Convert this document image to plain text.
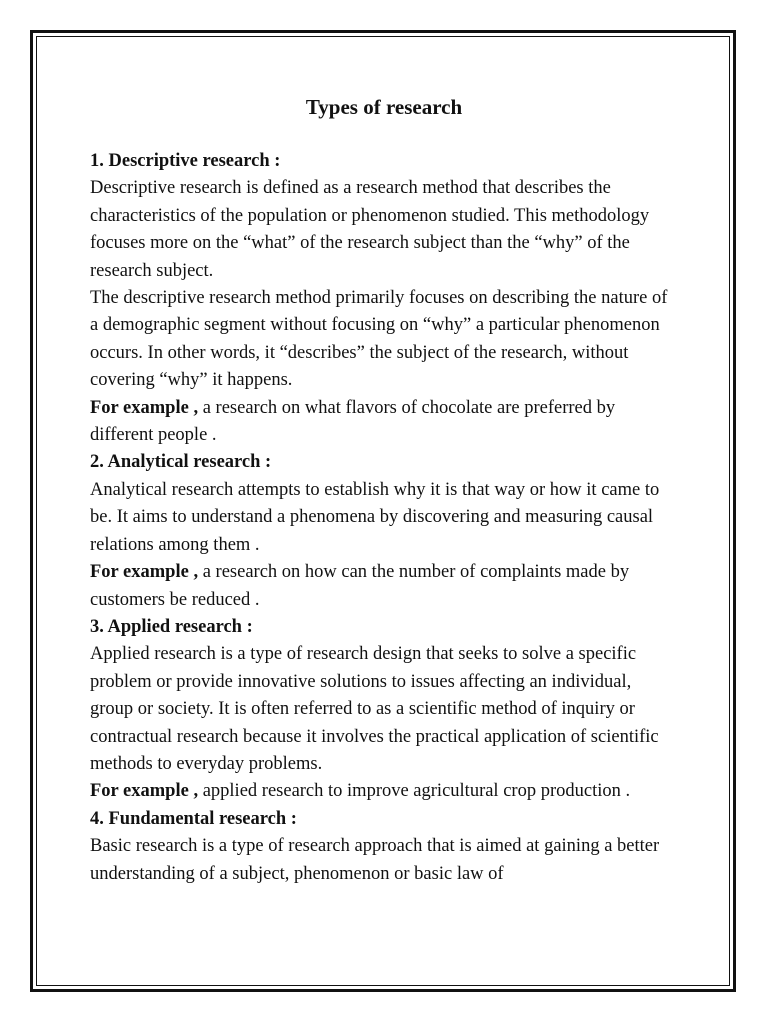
Types of research

1. Descriptive research :

Descriptive research is defined as a research method that describes the characteristics of the population or phenomenon studied. This methodology focuses more on the “what” of the research subject than the “why” of the research subject.

The descriptive research method primarily focuses on describing the nature of a demographic segment without focusing on “why” a particular phenomenon occurs. In other words, it “describes” the subject of the research, without covering “why” it happens.

For example , a research on what flavors of chocolate are preferred by different people .

2. Analytical research :

Analytical research attempts to establish why it is that way or how it came to be. It aims to understand a phenomena by discovering and measuring causal relations among them .

For example , a research on how can the number of complaints made by customers be reduced .

3. Applied research :

Applied research is a type of research design that seeks to solve a specific problem or provide innovative solutions to issues affecting an individual, group or society. It is often referred to as a scientific method of inquiry or contractual research because it involves the practical application of scientific methods to everyday problems.

For example , applied research to improve agricultural crop production .

4. Fundamental research :

Basic research is a type of research approach that is aimed at gaining a better understanding of a subject, phenomenon or basic law of
